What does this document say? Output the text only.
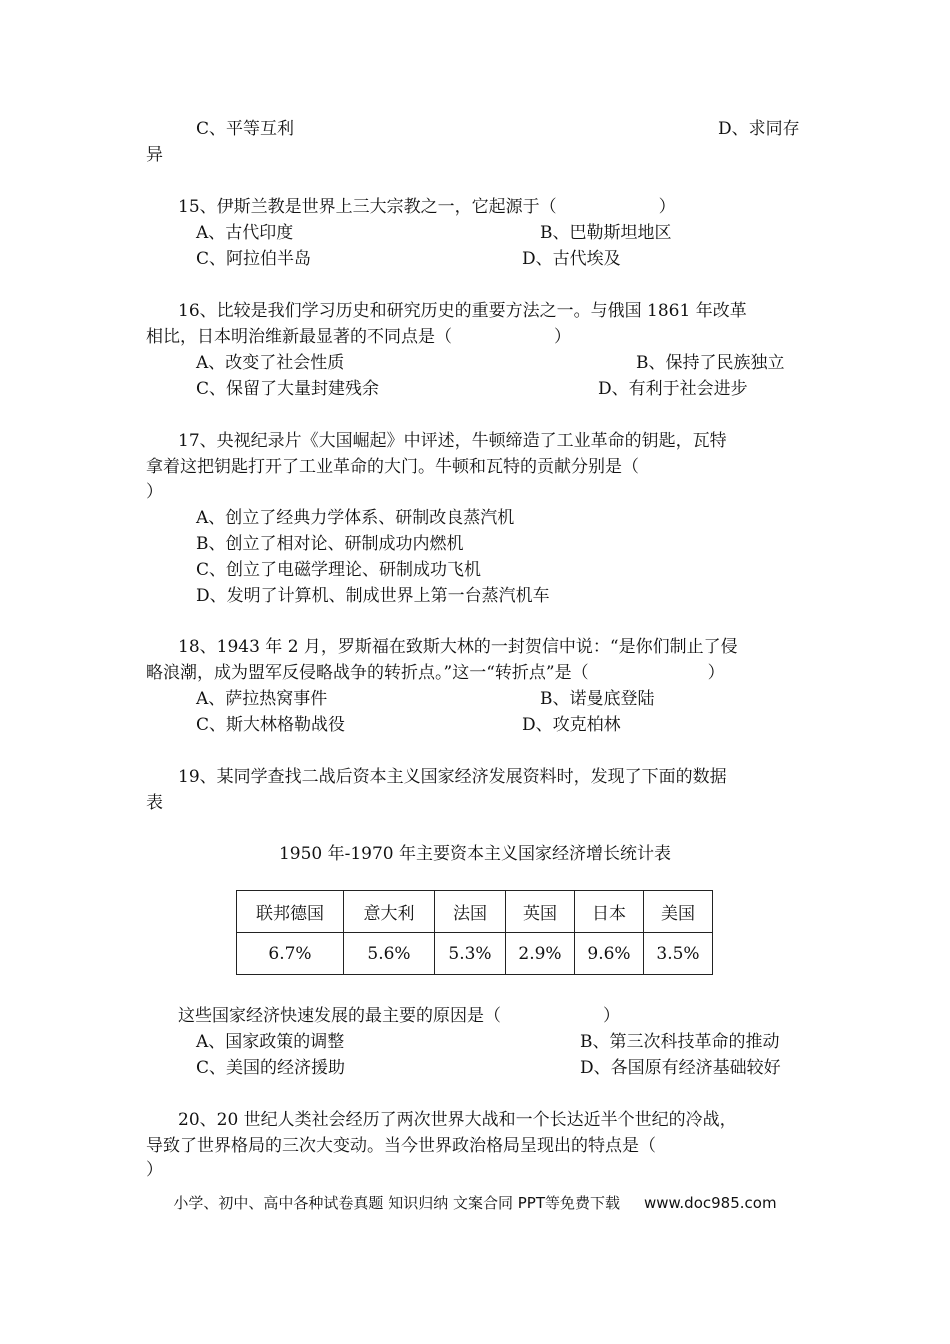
C、平等互利	D、求同存
异
15、伊斯兰教是世界上三大宗教之一，它起源于（　　　　　　）
A、古代印度	B、巴勒斯坦地区
C、阿拉伯半岛	D、古代埃及
16、比较是我们学习历史和研究历史的重要方法之一。与俄国 1861 年改革
相比，日本明治维新最显著的不同点是（　　　　　　）
A、改变了社会性质	B、保持了民族独立
C、保留了大量封建残余	D、有利于社会进步
17、央视纪录片《大国崛起》中评述，牛顿缔造了工业革命的钥匙，瓦特
拿着这把钥匙打开了工业革命的大门。牛顿和瓦特的贡献分别是（
）
A、创立了经典力学体系、研制改良蒸汽机
B、创立了相对论、研制成功内燃机
C、创立了电磁学理论、研制成功飞机
D、发明了计算机、制成世界上第一台蒸汽机车
18、1943 年 2 月，罗斯福在致斯大林的一封贺信中说：“是你们制止了侵
略浪潮，成为盟军反侵略战争的转折点。”这一“转折点”是（　　　　　　　）
A、萨拉热窝事件	B、诺曼底登陆
C、斯大林格勒战役	D、攻克柏林
19、某同学查找二战后资本主义国家经济发展资料时，发现了下面的数据
表
1950 年-1970 年主要资本主义国家经济增长统计表
联邦德国	意大利	法国	英国	日本	美国
6.7%	5.6%	5.3%	2.9%	9.6%	3.5%
这些国家经济快速发展的最主要的原因是（　　　　　　）
A、国家政策的调整	B、第三次科技革命的推动
C、美国的经济援助	D、各国原有经济基础较好
20、20 世纪人类社会经历了两次世界大战和一个长达近半个世纪的冷战，
导致了世界格局的三次大变动。当今世界政治格局呈现出的特点是（
）
小学、初中、高中各种试卷真题 知识归纳 文案合同 PPT等免费下载 www.doc985.com
